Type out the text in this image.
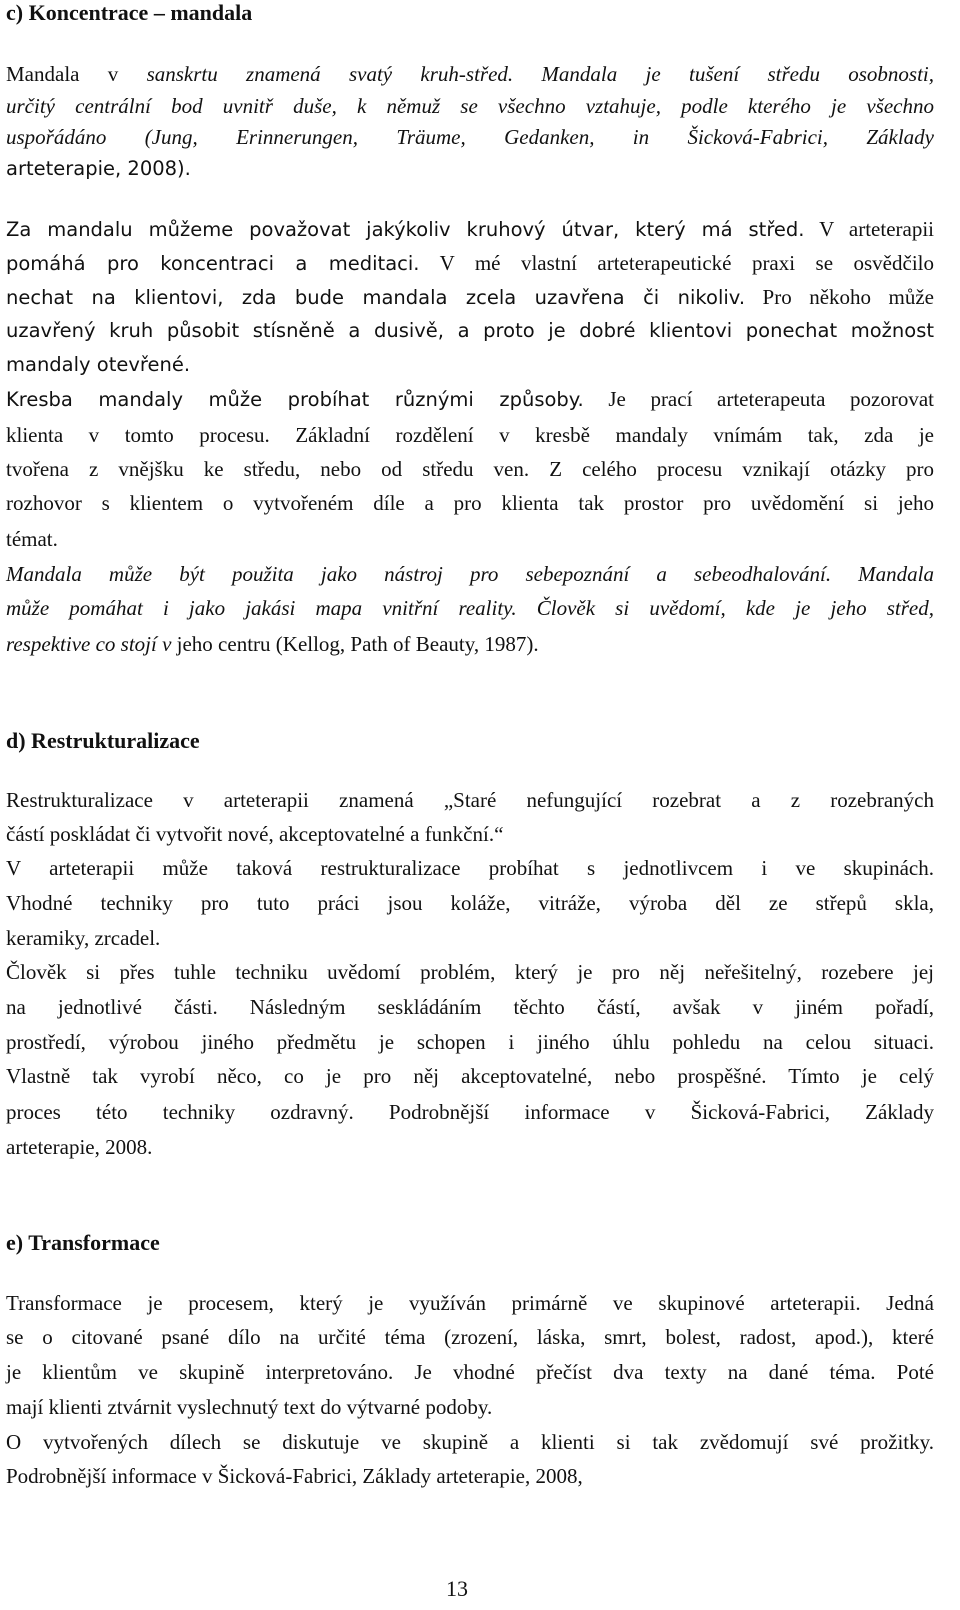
c) Koncentrace – mandala
Mandala v sanskrtu znamená svatý kruh-střed. Mandala je tušení středu osobnosti,
určitý centrální bod uvnitř duše, k němuž se všechno vztahuje, podle kterého je všechno
uspořádáno (Jung, Erinnerungen, Träume, Gedanken, in Šicková-Fabrici, Základy
arteterapie, 2008).
Za mandalu můžeme považovat jakýkoliv kruhový útvar, který má střed. V arteterapii
pomáhá pro koncentraci a meditaci. V mé vlastní arteterapeutické praxi se osvědčilo
nechat na klientovi, zda bude mandala zcela uzavřena či nikoliv. Pro někoho může
uzavřený kruh působit stísněně a dusivě, a proto je dobré klientovi ponechat možnost
mandaly otevřené.
Kresba mandaly může probíhat různými způsoby. Je prací arteterapeuta pozorovat
klienta v tomto procesu. Základní rozdělení v kresbě mandaly vnímám tak, zda je
tvořena z vnějšku ke středu, nebo od středu ven. Z celého procesu vznikají otázky pro
rozhovor s klientem o vytvořeném díle a pro klienta tak prostor pro uvědomění si jeho
témat.
Mandala může být použita jako nástroj pro sebepoznání a sebeodhalování. Mandala
může pomáhat i jako jakási mapa vnitřní reality. Člověk si uvědomí, kde je jeho střed,
respektive co stojí v jeho centru (Kellog, Path of Beauty, 1987).
d) Restrukturalizace
Restrukturalizace v arteterapii znamená „Staré nefungující rozebrat a z rozebraných
částí poskládat či vytvořit nové, akceptovatelné a funkční.“
V arteterapii může taková restrukturalizace probíhat s jednotlivcem i ve skupinách.
Vhodné techniky pro tuto práci jsou koláže, vitráže, výroba děl ze střepů skla,
keramiky, zrcadel.
Člověk si přes tuhle techniku uvědomí problém, který je pro něj neřešitelný, rozebere jej
na jednotlivé části. Následným seskládáním těchto částí, avšak v jiném pořadí,
prostředí, výrobou jiného předmětu je schopen i jiného úhlu pohledu na celou situaci.
Vlastně tak vyrobí něco, co je pro něj akceptovatelné, nebo prospěšné. Tímto je celý
proces této techniky ozdravný. Podrobnější informace v Šicková-Fabrici, Základy
arteterapie, 2008.
e) Transformace
Transformace je procesem, který je využíván primárně ve skupinové arteterapii. Jedná
se o citované psané dílo na určité téma (zrození, láska, smrt, bolest, radost, apod.), které
je klientům ve skupině interpretováno. Je vhodné přečíst dva texty na dané téma. Poté
mají klienti ztvárnit vyslechnutý text do výtvarné podoby.
O vytvořených dílech se diskutuje ve skupině a klienti si tak zvědomují své prožitky.
Podrobnější informace v Šicková-Fabrici, Základy arteterapie, 2008,
13
